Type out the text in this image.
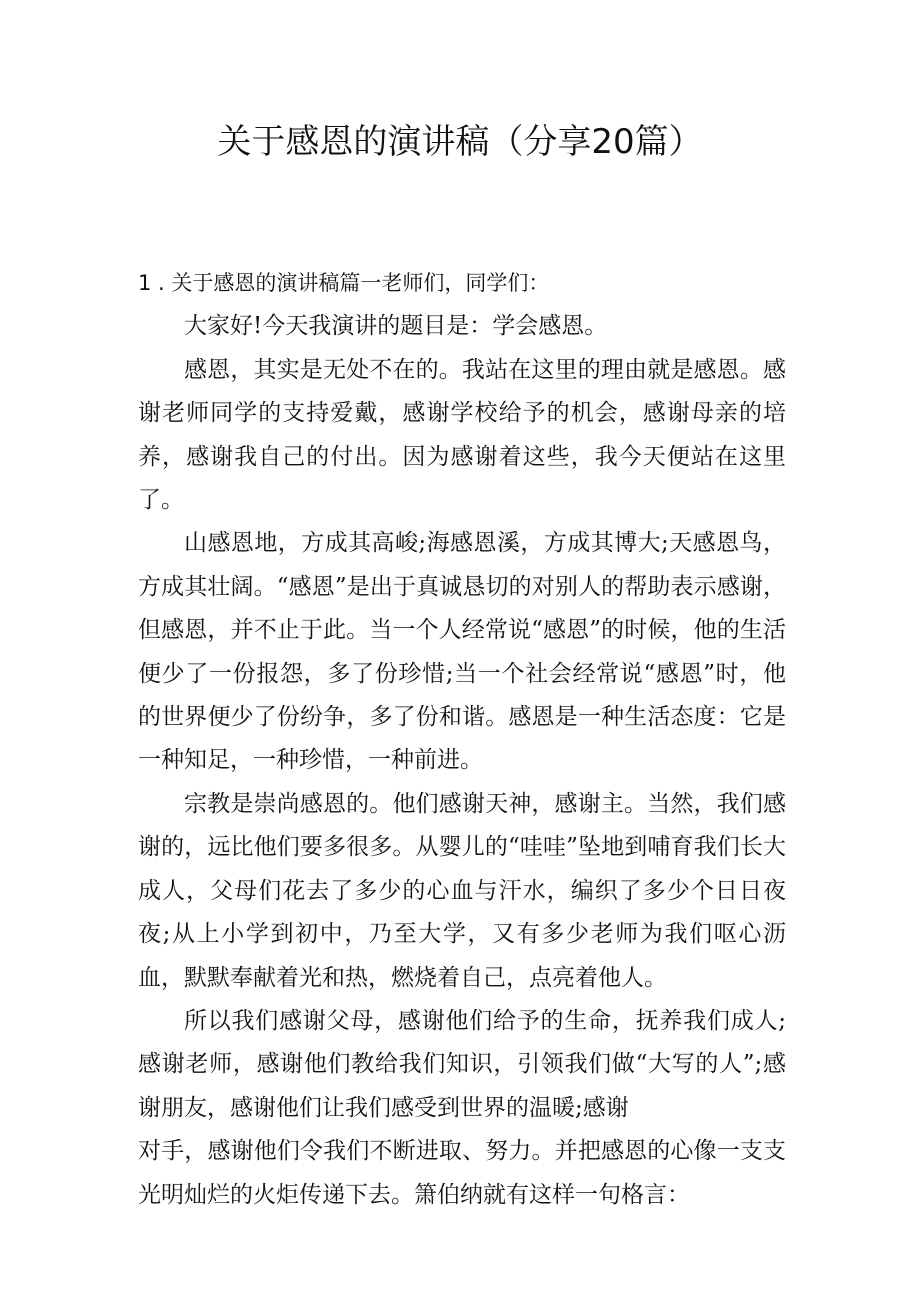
关于感恩的演讲稿（分享20篇）

1 . 关于感恩的演讲稿篇一老师们，同学们：

大家好!今天我演讲的题目是：学会感恩。

感恩，其实是无处不在的。我站在这里的理由就是感恩。感谢老师同学的支持爱戴，感谢学校给予的机会，感谢母亲的培养，感谢我自己的付出。因为感谢着这些，我今天便站在这里了。

山感恩地，方成其高峻;海感恩溪，方成其博大;天感恩鸟，方成其壮阔。“感恩”是出于真诚恳切的对别人的帮助表示感谢，但感恩，并不止于此。当一个人经常说“感恩”的时候，他的生活便少了一份报怨，多了份珍惜;当一个社会经常说“感恩”时，他的世界便少了份纷争，多了份和谐。感恩是一种生活态度：它是一种知足，一种珍惜，一种前进。

宗教是崇尚感恩的。他们感谢天神，感谢主。当然，我们感谢的，远比他们要多很多。从婴儿的“哇哇”坠地到哺育我们长大成人，父母们花去了多少的心血与汗水，编织了多少个日日夜夜;从上小学到初中，乃至大学，又有多少老师为我们呕心沥血，默默奉献着光和热，燃烧着自己，点亮着他人。

所以我们感谢父母，感谢他们给予的生命，抚养我们成人;感谢老师，感谢他们教给我们知识，引领我们做“大写的人”;感谢朋友，感谢他们让我们感受到世界的温暖;感谢

对手，感谢他们令我们不断进取、努力。并把感恩的心像一支支光明灿烂的火炬传递下去。箫伯纳就有这样一句格言：
